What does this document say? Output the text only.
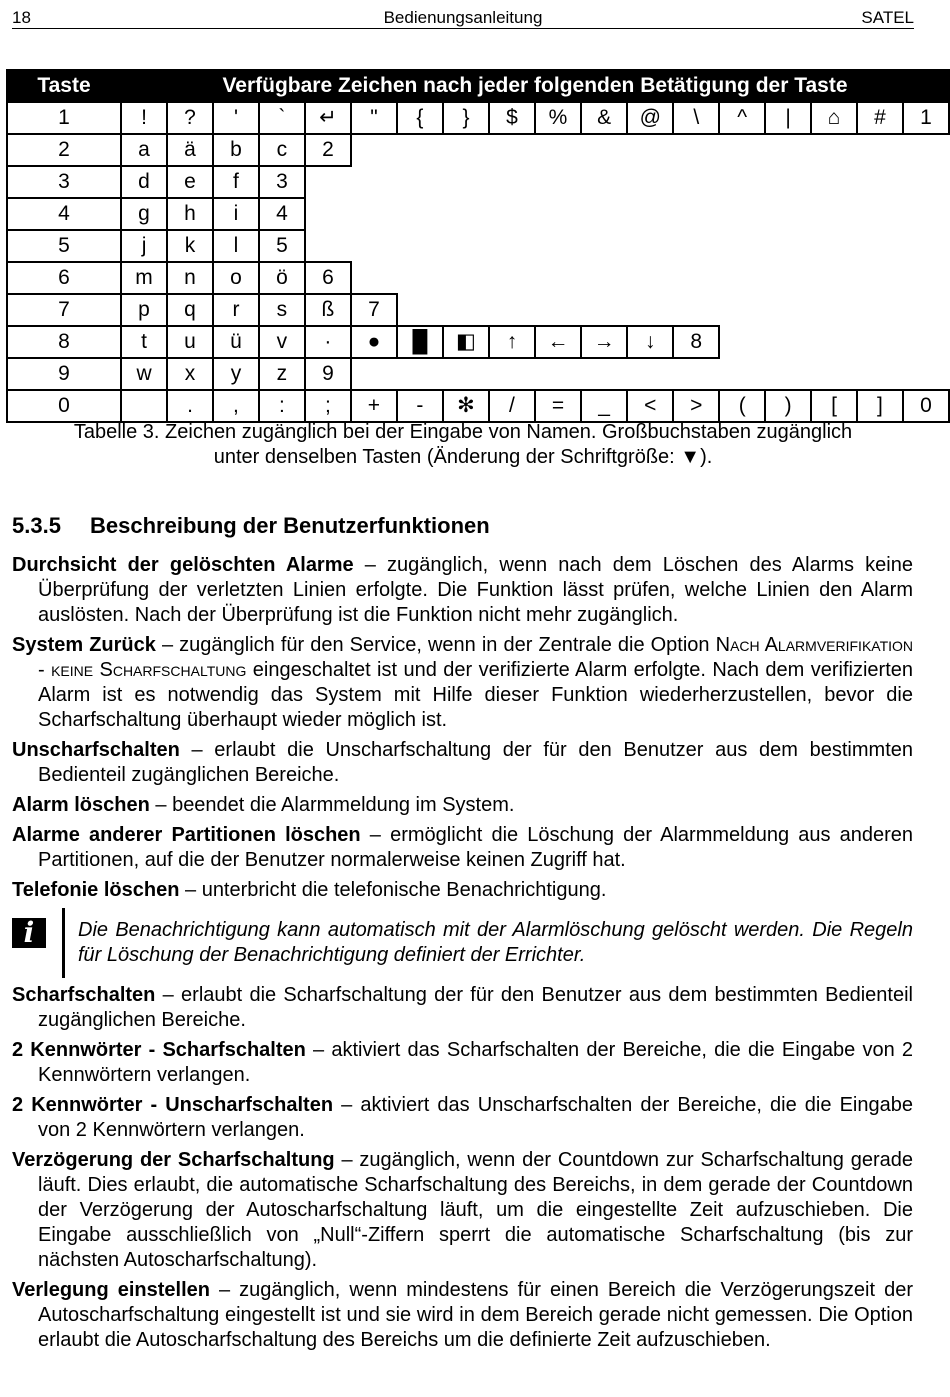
18	Bedienungsanleitung	SATEL
Taste	Verfügbare Zeichen nach jeder folgenden Betätigung der Taste																	
1	!	?	'	`	↵	"	{	}	$	%	&	@	\	^	|	⌂	#	1
2	a	ä	b	c	2													
3	d	e	f	3														
4	g	h	i	4														
5	j	k	l	5														
6	m	n	o	ö	6													
7	p	q	r	s	ß	7												
8	t	u	ü	v	·	●	█	◧	↑	←	→	↓	8					
9	w	x	y	z	9													
0		.	,	:	;	+	-	✻	/	=	_	<	>	(	)	[	]	0
Tabelle 3. Zeichen zugänglich bei der Eingabe von Namen. Großbuchstaben zugänglich
unter denselben Tasten (Änderung der Schriftgröße: ▼).
5.3.5 Beschreibung der Benutzerfunktionen

Durchsicht der gelöschten Alarme – zugänglich, wenn nach dem Löschen des Alarms keine Überprüfung der verletzten Linien erfolgte. Die Funktion lässt prüfen, welche Linien den Alarm auslösten. Nach der Überprüfung ist die Funktion nicht mehr zugänglich.

System Zurück – zugänglich für den Service, wenn in der Zentrale die Option Nach Alarmverifikation - keine Scharfschaltung eingeschaltet ist und der verifizierte Alarm erfolgte. Nach dem verifizierten Alarm ist es notwendig das System mit Hilfe dieser Funktion wiederherzustellen, bevor die Scharfschaltung überhaupt wieder möglich ist.

Unscharfschalten – erlaubt die Unscharfschaltung der für den Benutzer aus dem bestimmten Bedienteil zugänglichen Bereiche.

Alarm löschen – beendet die Alarmmeldung im System.

Alarme anderer Partitionen löschen – ermöglicht die Löschung der Alarmmeldung aus anderen Partitionen, auf die der Benutzer normalerweise keinen Zugriff hat.

Telefonie löschen – unterbricht die telefonische Benachrichtigung.

i	Die Benachrichtigung kann automatisch mit der Alarmlöschung gelöscht werden. Die Regeln für Löschung der Benachrichtigung definiert der Errichter.

Scharfschalten – erlaubt die Scharfschaltung der für den Benutzer aus dem bestimmten Bedienteil zugänglichen Bereiche.

2 Kennwörter - Scharfschalten – aktiviert das Scharfschalten der Bereiche, die die Eingabe von 2 Kennwörtern verlangen.

2 Kennwörter - Unscharfschalten – aktiviert das Unscharfschalten der Bereiche, die die Eingabe von 2 Kennwörtern verlangen.

Verzögerung der Scharfschaltung – zugänglich, wenn der Countdown zur Scharfschaltung gerade läuft. Dies erlaubt, die automatische Scharfschaltung des Bereichs, in dem gerade der Countdown der Verzögerung der Autoscharfschaltung läuft, um die eingestellte Zeit aufzuschieben. Die Eingabe ausschließlich von „Null“-Ziffern sperrt die automatische Scharfschaltung (bis zur nächsten Autoscharfschaltung).

Verlegung einstellen – zugänglich, wenn mindestens für einen Bereich die Verzögerungszeit der Autoscharfschaltung eingestellt ist und sie wird in dem Bereich gerade nicht gemessen. Die Option erlaubt die Autoscharfschaltung des Bereichs um die definierte Zeit aufzuschieben.
